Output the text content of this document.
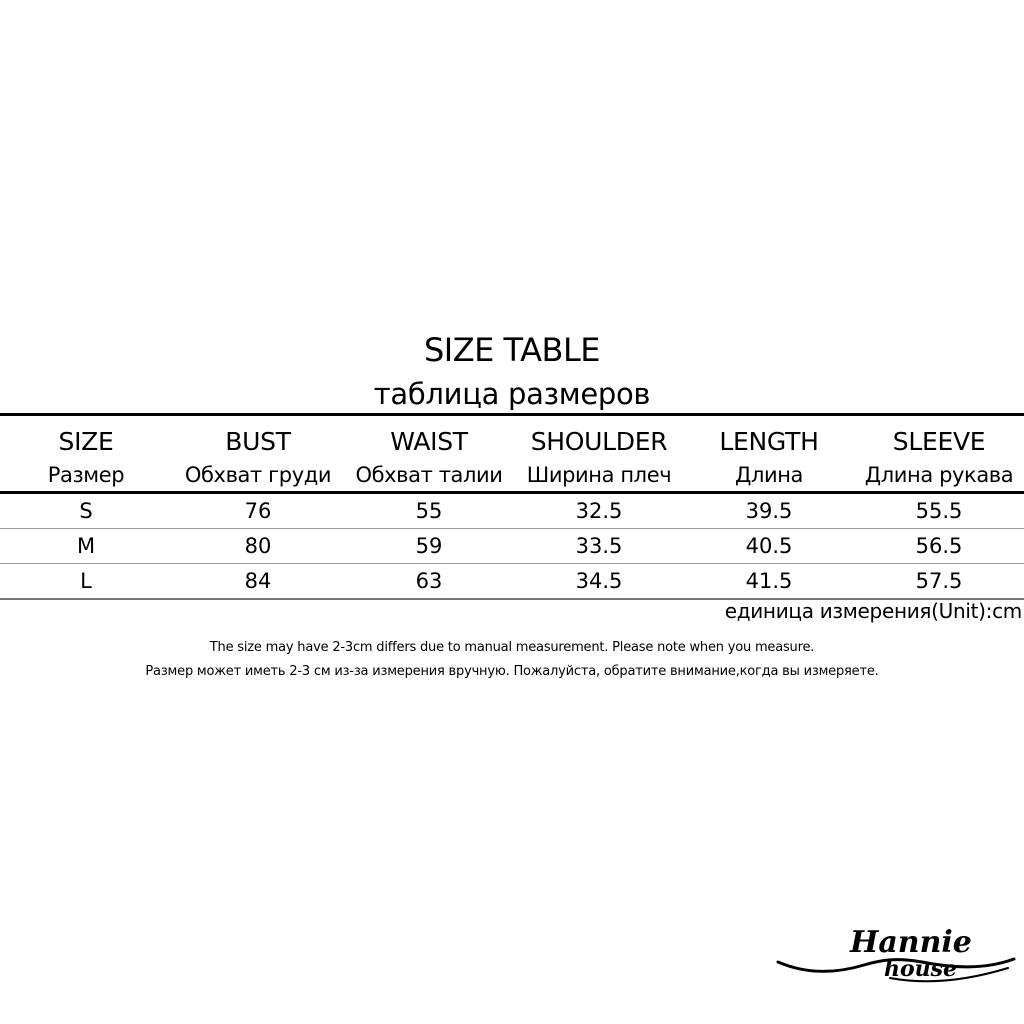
SIZE TABLE
таблица размеров
SIZE	BUST	WAIST	SHOULDER	LENGTH	SLEEVE
Размер	Обхват груди	Обхват талии	Ширина плеч	Длина	Длина рукава
S	76	55	32.5	39.5	55.5
M	80	59	33.5	40.5	56.5
L	84	63	34.5	41.5	57.5
единица измерения(Unit):cm
The size may have 2-3cm differs due to manual measurement. Please note when you measure.
Размер может иметь 2-3 см из-за измерения вручную. Пожалуйста, обратите внимание,когда вы измеряете.
Hannie
house
